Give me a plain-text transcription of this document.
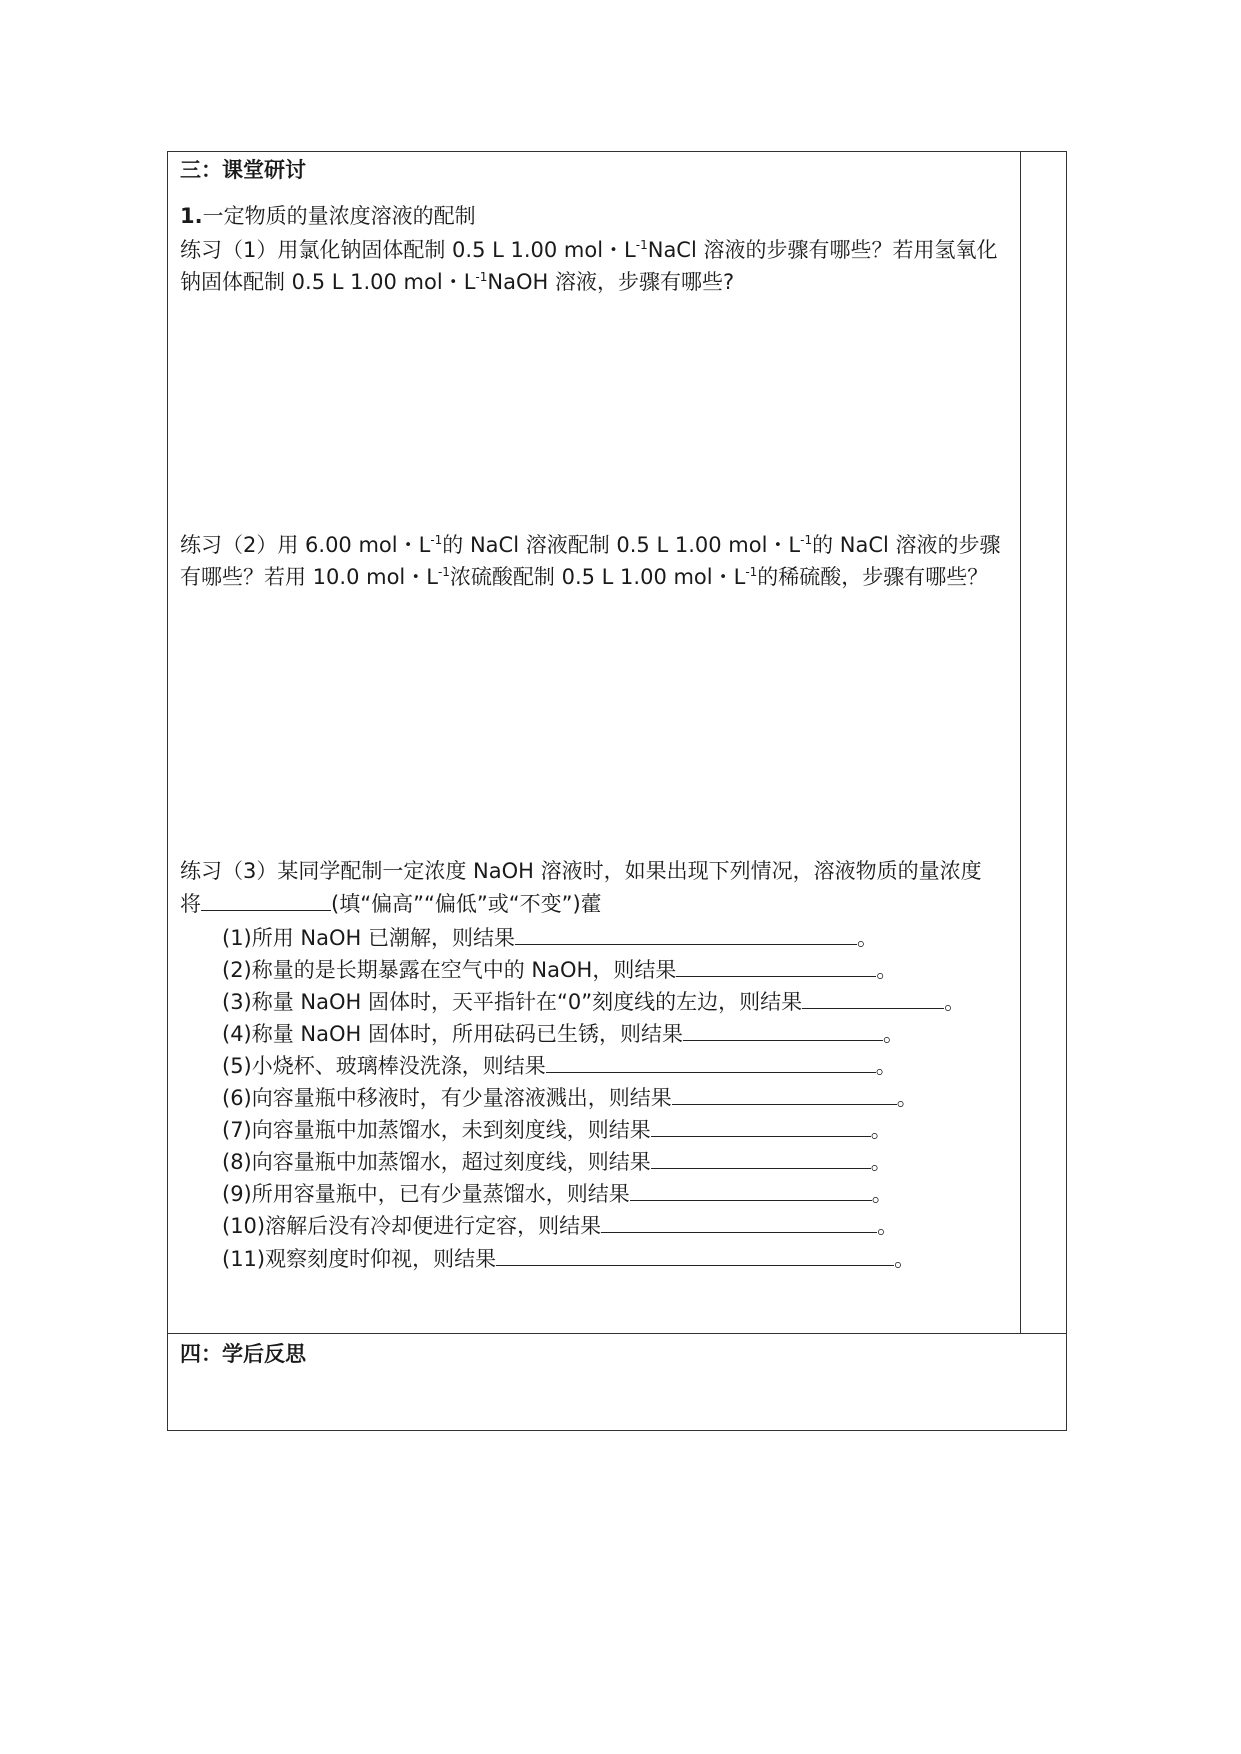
三：课堂研讨
1.一定物质的量浓度溶液的配制
练习（1）用氯化钠固体配制 0.5 L 1.00 mol・$L^{-1}NaCl$ 溶液的步骤有哪些？若用氢氧化
钠固体配制 0.5 L 1.00 mol・$L^{-1}NaOH$ 溶液，步骤有哪些?
练习（2）用 6.00 mol・$L^{-1}$的 NaCl 溶液配制 0.5 L 1.00 mol・$L^{-1}$的 NaCl 溶液的步骤
有哪些？若用 10.0 mol・$L^{-1}$浓硫酸配制 0.5 L 1.00 mol・$L^{-1}$的稀硫酸，步骤有哪些？
练习（3）某同学配制一定浓度 NaOH 溶液时，如果出现下列情况，溶液物质的量浓度
将	(填“偏高”“偏低”或“不变”)藿
(1)所用 NaOH 已潮解，则结果	。
(2)称量的是长期暴露在空气中的 NaOH，则结果	。
(3)称量 NaOH 固体时，天平指针在“0”刻度线的左边，则结果	。
(4)称量 NaOH 固体时，所用砝码已生锈，则结果	。
(5)小烧杯、玻璃棒没洗涤，则结果	。
(6)向容量瓶中移液时，有少量溶液溅出，则结果	。
(7)向容量瓶中加蒸馏水，未到刻度线，则结果	。
(8)向容量瓶中加蒸馏水，超过刻度线，则结果	。
(9)所用容量瓶中，已有少量蒸馏水，则结果	。
(10)溶解后没有冷却便进行定容，则结果	。
(11)观察刻度时仰视，则结果	。
四：学后反思
